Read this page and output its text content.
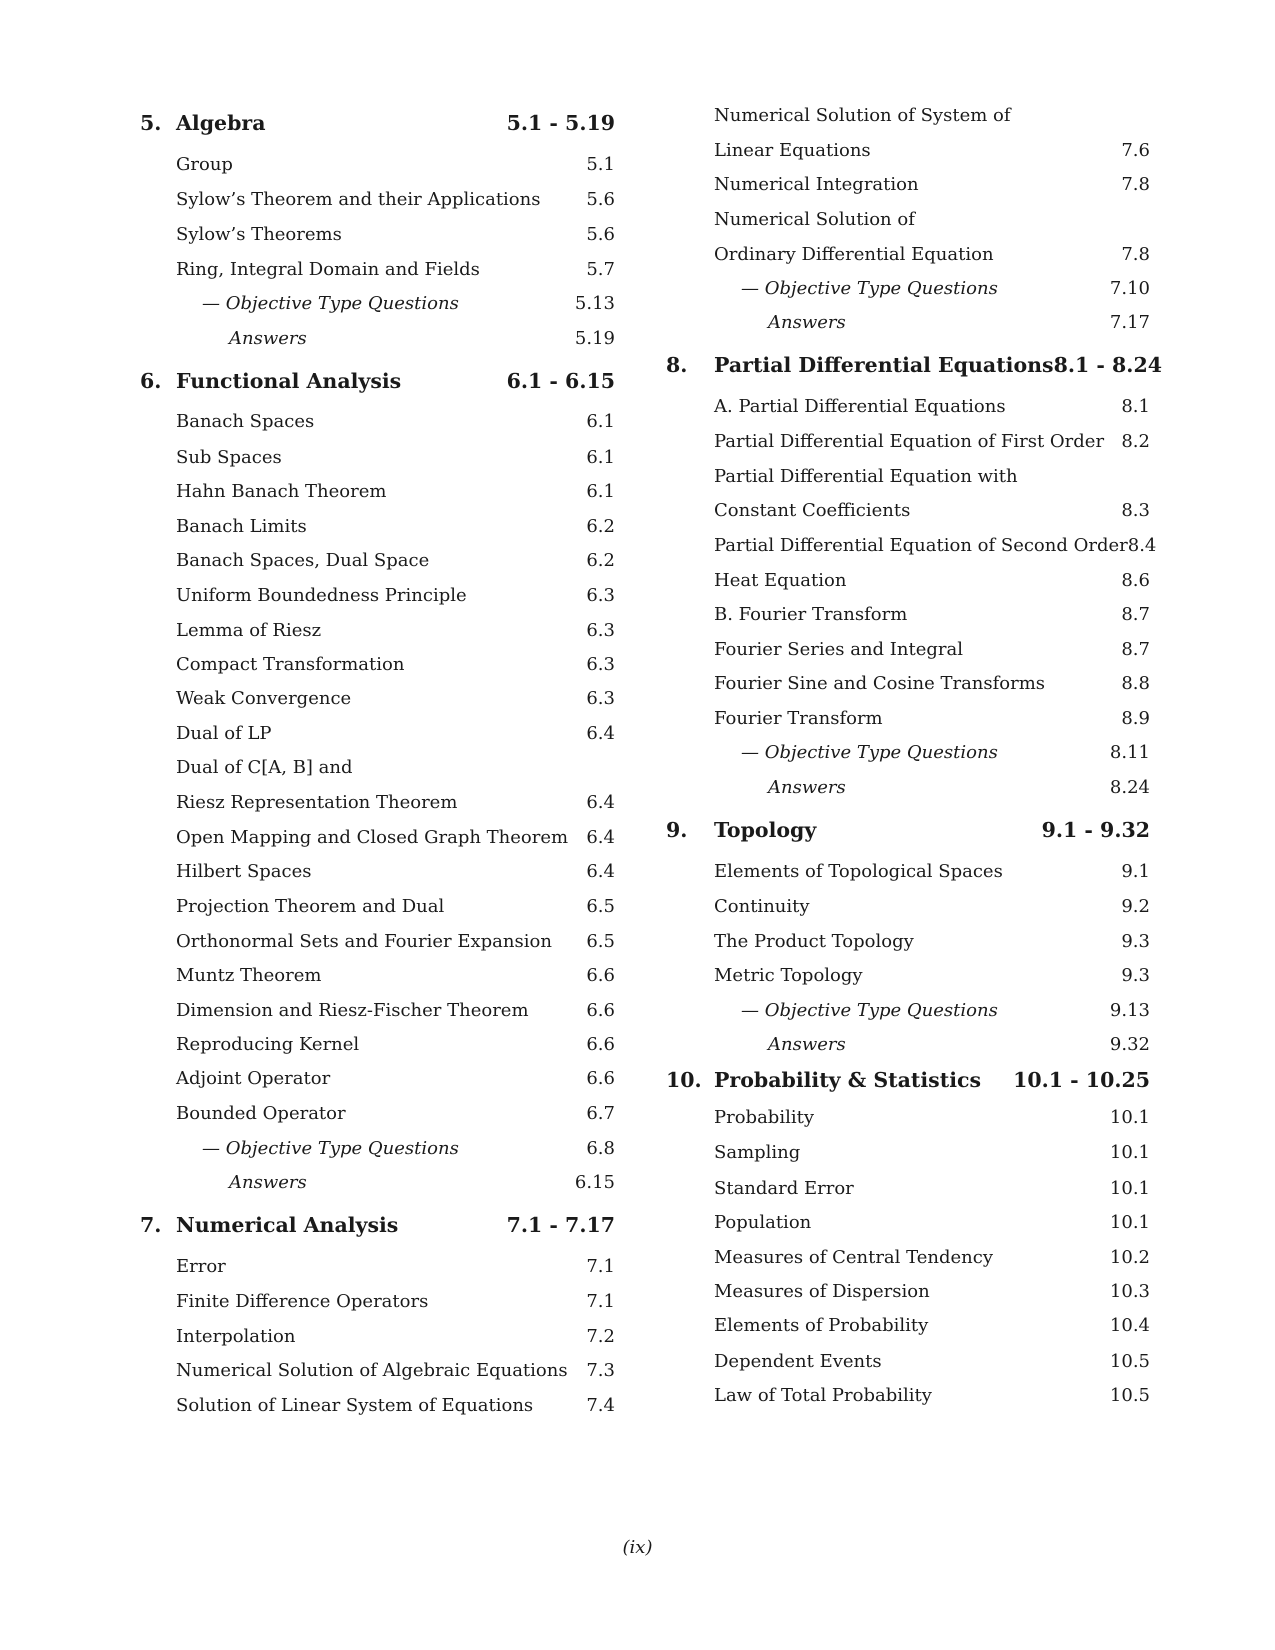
5. Algebra	5.1 - 5.19
Group	5.1
Sylow’s Theorem and their Applications	5.6
Sylow’s Theorems	5.6
Ring, Integral Domain and Fields	5.7
— Objective Type Questions	5.13
Answers	5.19
6. Functional Analysis	6.1 - 6.15
Banach Spaces	6.1
Sub Spaces	6.1
Hahn Banach Theorem	6.1
Banach Limits	6.2
Banach Spaces, Dual Space	6.2
Uniform Boundedness Principle	6.3
Lemma of Riesz	6.3
Compact Transformation	6.3
Weak Convergence	6.3
Dual of LP	6.4
Dual of C[A, B] and
Riesz Representation Theorem	6.4
Open Mapping and Closed Graph Theorem 6.4
Hilbert Spaces	6.4
Projection Theorem and Dual	6.5
Orthonormal Sets and Fourier Expansion 6.5
Muntz Theorem	6.6
Dimension and Riesz-Fischer Theorem	6.6
Reproducing Kernel	6.6
Adjoint Operator	6.6
Bounded Operator	6.7
— Objective Type Questions	6.8
Answers	6.15
7. Numerical Analysis	7.1 - 7.17
Error	7.1
Finite Difference Operators	7.1
Interpolation	7.2
Numerical Solution of Algebraic Equations 7.3
Solution of Linear System of Equations	7.4
Numerical Solution of System of
Linear Equations	7.6
Numerical Integration	7.8
Numerical Solution of
Ordinary Differential Equation	7.8
— Objective Type Questions	7.10
Answers	7.17
8. Partial Differential Equations 8.1 - 8.24
A. Partial Differential Equations	8.1
Partial Differential Equation of First Order 8.2
Partial Differential Equation with
Constant Coefficients	8.3
Partial Differential Equation of Second Order 8.4
Heat Equation	8.6
B. Fourier Transform	8.7
Fourier Series and Integral	8.7
Fourier Sine and Cosine Transforms	8.8
Fourier Transform	8.9
— Objective Type Questions	8.11
Answers	8.24
9. Topology	9.1 - 9.32
Elements of Topological Spaces	9.1
Continuity	9.2
The Product Topology	9.3
Metric Topology	9.3
— Objective Type Questions	9.13
Answers	9.32
10. Probability & Statistics 10.1 - 10.25
Probability	10.1
Sampling	10.1
Standard Error	10.1
Population	10.1
Measures of Central Tendency	10.2
Measures of Dispersion	10.3
Elements of Probability	10.4
Dependent Events	10.5
Law of Total Probability	10.5
(ix)
